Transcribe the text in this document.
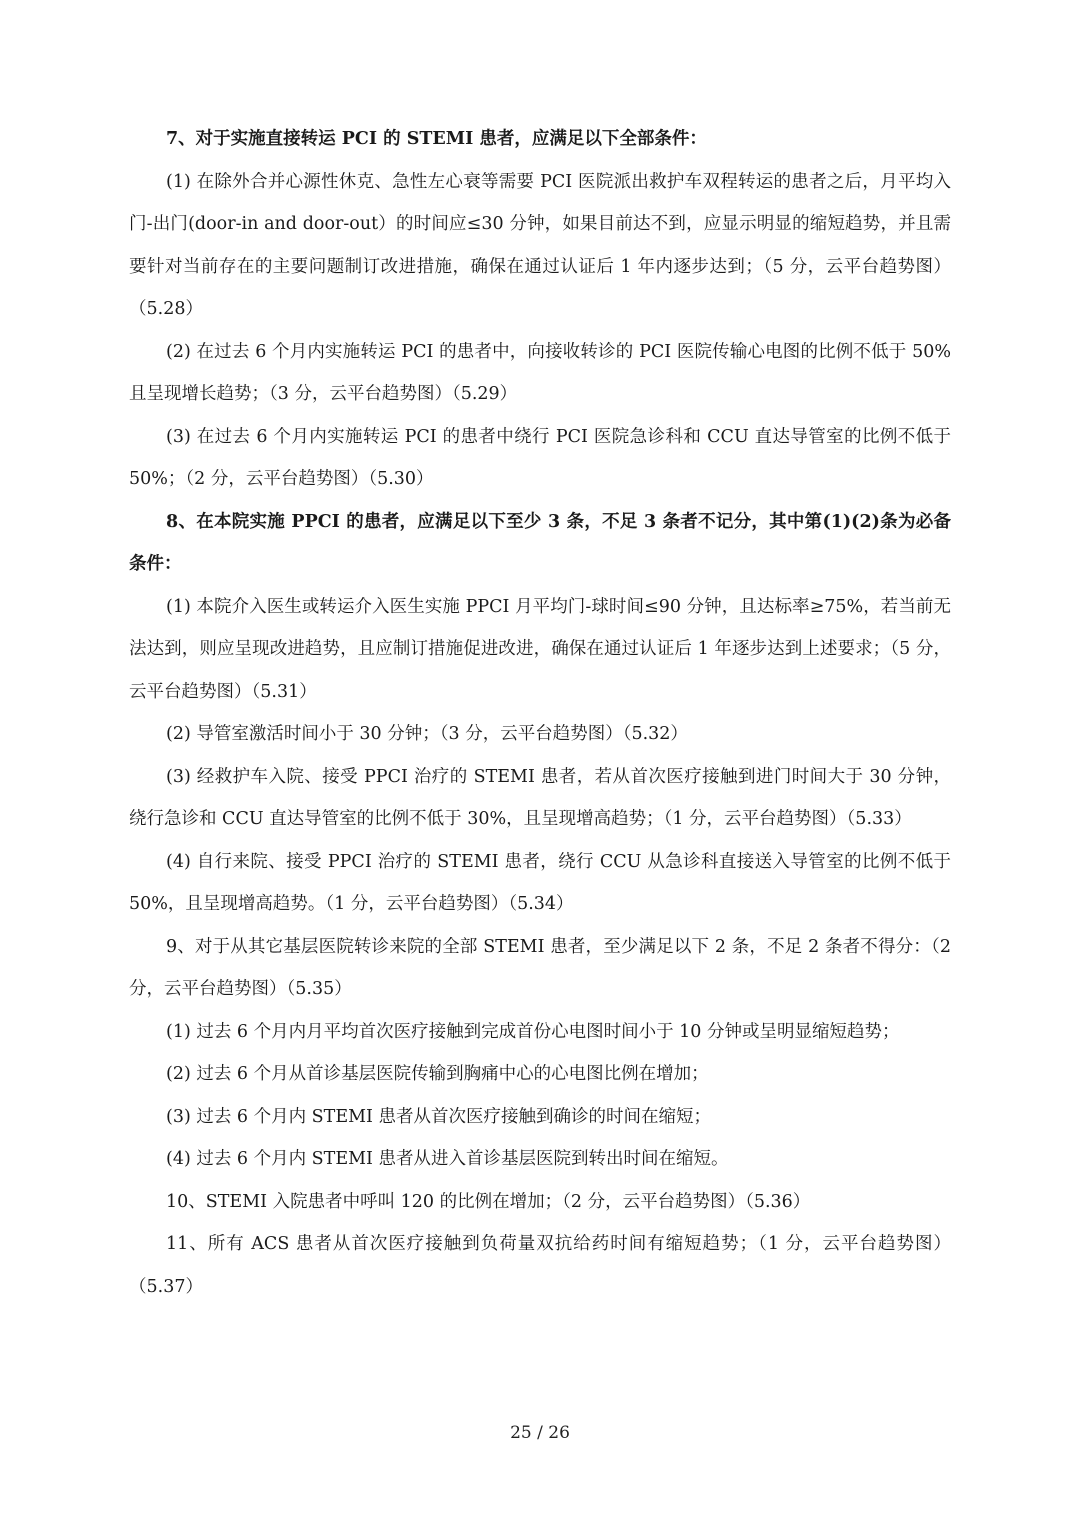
7、对于实施直接转运 PCI 的 STEMI 患者，应满足以下全部条件：

(1) 在除外合并心源性休克、急性左心衰等需要 PCI 医院派出救护车双程转运的患者之后，月平均入门-出门(door-in and door-out）的时间应≤30 分钟，如果目前达不到，应显示明显的缩短趋势，并且需要针对当前存在的主要问题制订改进措施，确保在通过认证后 1 年内逐步达到；（5 分，云平台趋势图）（5.28）

(2) 在过去 6 个月内实施转运 PCI 的患者中，向接收转诊的 PCI 医院传输心电图的比例不低于 50%且呈现增长趋势；（3 分，云平台趋势图）（5.29）

(3) 在过去 6 个月内实施转运 PCI 的患者中绕行 PCI 医院急诊科和 CCU 直达导管室的比例不低于 50%；（2 分，云平台趋势图）（5.30）

8、在本院实施 PPCI 的患者，应满足以下至少 3 条，不足 3 条者不记分，其中第(1)(2)条为必备条件：

(1) 本院介入医生或转运介入医生实施 PPCI 月平均门-球时间≤90 分钟，且达标率≥75%，若当前无法达到，则应呈现改进趋势，且应制订措施促进改进，确保在通过认证后 1 年逐步达到上述要求；（5 分，云平台趋势图）（5.31）

(2) 导管室激活时间小于 30 分钟；（3 分，云平台趋势图）（5.32）

(3) 经救护车入院、接受 PPCI 治疗的 STEMI 患者，若从首次医疗接触到进门时间大于 30 分钟，绕行急诊和 CCU 直达导管室的比例不低于 30%，且呈现增高趋势；（1 分，云平台趋势图）（5.33）

(4) 自行来院、接受 PPCI 治疗的 STEMI 患者，绕行 CCU 从急诊科直接送入导管室的比例不低于 50%，且呈现增高趋势。（1 分，云平台趋势图）（5.34）

9、对于从其它基层医院转诊来院的全部 STEMI 患者，至少满足以下 2 条，不足 2 条者不得分：（2 分，云平台趋势图）（5.35）

(1) 过去 6 个月内月平均首次医疗接触到完成首份心电图时间小于 10 分钟或呈明显缩短趋势；

(2) 过去 6 个月从首诊基层医院传输到胸痛中心的心电图比例在增加；

(3) 过去 6 个月内 STEMI 患者从首次医疗接触到确诊的时间在缩短；

(4) 过去 6 个月内 STEMI 患者从进入首诊基层医院到转出时间在缩短。

10、STEMI 入院患者中呼叫 120 的比例在增加；（2 分，云平台趋势图）（5.36）

11、所有 ACS 患者从首次医疗接触到负荷量双抗给药时间有缩短趋势；（1 分，云平台趋势图）（5.37）

25 / 26
